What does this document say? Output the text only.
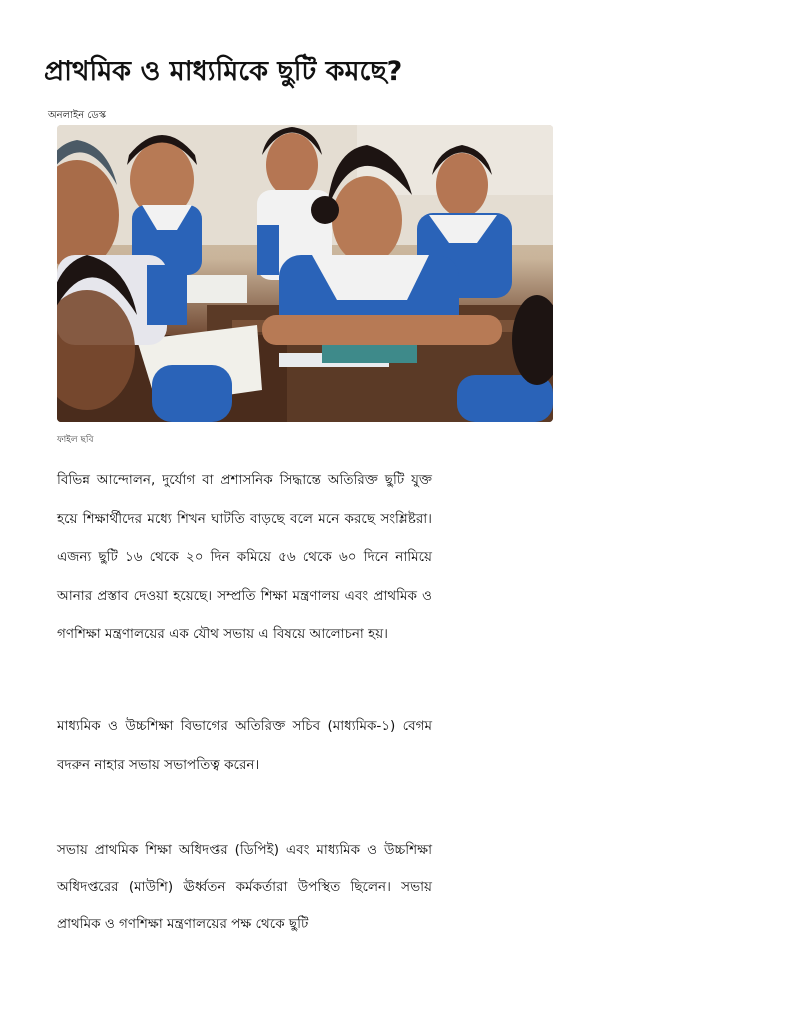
প্রাথমিক ও মাধ্যমিকে ছুটি কমছে?
অনলাইন ডেস্ক
ফাইল ছবি

বিভিন্ন আন্দোলন, দুর্যোগ বা প্রশাসনিক সিদ্ধান্তে অতিরিক্ত ছুটি যুক্ত হয়ে শিক্ষার্থীদের মধ্যে শিখন ঘাটতি বাড়ছে বলে মনে করছে সংশ্লিষ্টরা। এজন্য ছুটি ১৬ থেকে ২০ দিন কমিয়ে ৫৬ থেকে ৬০ দিনে নামিয়ে আনার প্রস্তাব দেওয়া হয়েছে। সম্প্রতি শিক্ষা মন্ত্রণালয় এবং প্রাথমিক ও গণশিক্ষা মন্ত্রণালয়ের এক যৌথ সভায় এ বিষয়ে আলোচনা হয়।

মাধ্যমিক ও উচ্চশিক্ষা বিভাগের অতিরিক্ত সচিব (মাধ্যমিক-১) বেগম বদরুন নাহার সভায় সভাপতিত্ব করেন।

সভায় প্রাথমিক শিক্ষা অধিদপ্তর (ডিপিই) এবং মাধ্যমিক ও উচ্চশিক্ষা অধিদপ্তরের (মাউশি) ঊর্ধ্বতন কর্মকর্তারা উপস্থিত ছিলেন। সভায় প্রাথমিক ও গণশিক্ষা মন্ত্রণালয়ের পক্ষ থেকে ছুটি
